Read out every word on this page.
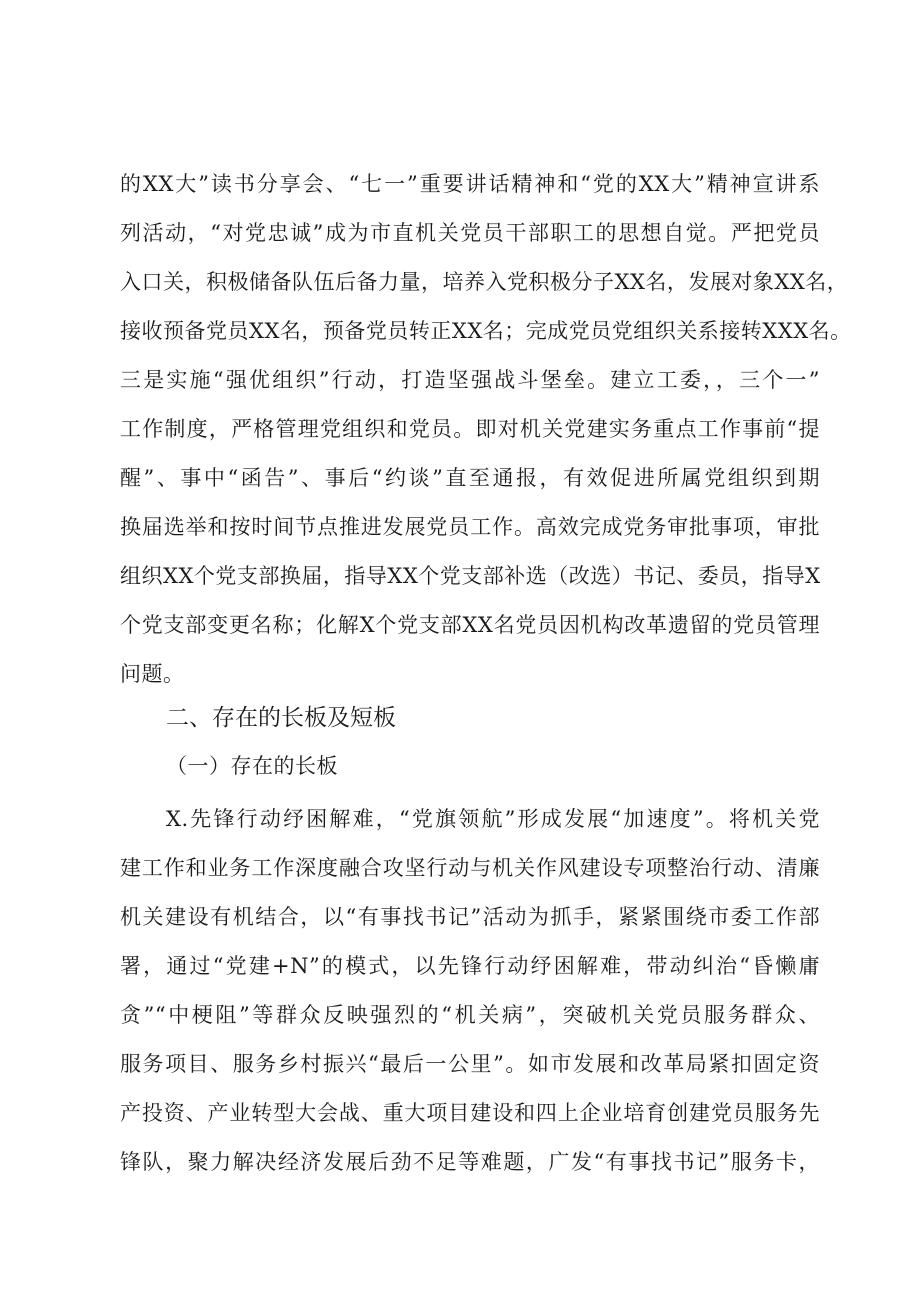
的XX大”读书分享会、“七一”重要讲话精神和“党的XX大”精神宣讲系
列活动，“对党忠诚”成为市直机关党员干部职工的思想自觉。严把党员
入口关，积极储备队伍后备力量，培养入党积极分子XX名，发展对象XX名，
接收预备党员XX名，预备党员转正XX名；完成党员党组织关系接转XXX名。
三是实施“强优组织”行动，打造坚强战斗堡垒。建立工委，，三个一”
工作制度，严格管理党组织和党员。即对机关党建实务重点工作事前“提
醒”、事中“函告”、事后“约谈”直至通报，有效促进所属党组织到期
换届选举和按时间节点推进发展党员工作。高效完成党务审批事项，审批
组织XX个党支部换届，指导XX个党支部补选（改选）书记、委员，指导X
个党支部变更名称；化解X个党支部XX名党员因机构改革遗留的党员管理
问题。
二、存在的长板及短板
（一）存在的长板
X.先锋行动纾困解难，“党旗领航”形成发展“加速度”。将机关党
建工作和业务工作深度融合攻坚行动与机关作风建设专项整治行动、清廉
机关建设有机结合，以“有事找书记”活动为抓手，紧紧围绕市委工作部
署，通过“党建+N”的模式，以先锋行动纾困解难，带动纠治“昏懒庸
贪”“中梗阻”等群众反映强烈的“机关病”，突破机关党员服务群众、
服务项目、服务乡村振兴“最后一公里”。如市发展和改革局紧扣固定资
产投资、产业转型大会战、重大项目建设和四上企业培育创建党员服务先
锋队，聚力解决经济发展后劲不足等难题，广发“有事找书记”服务卡，
